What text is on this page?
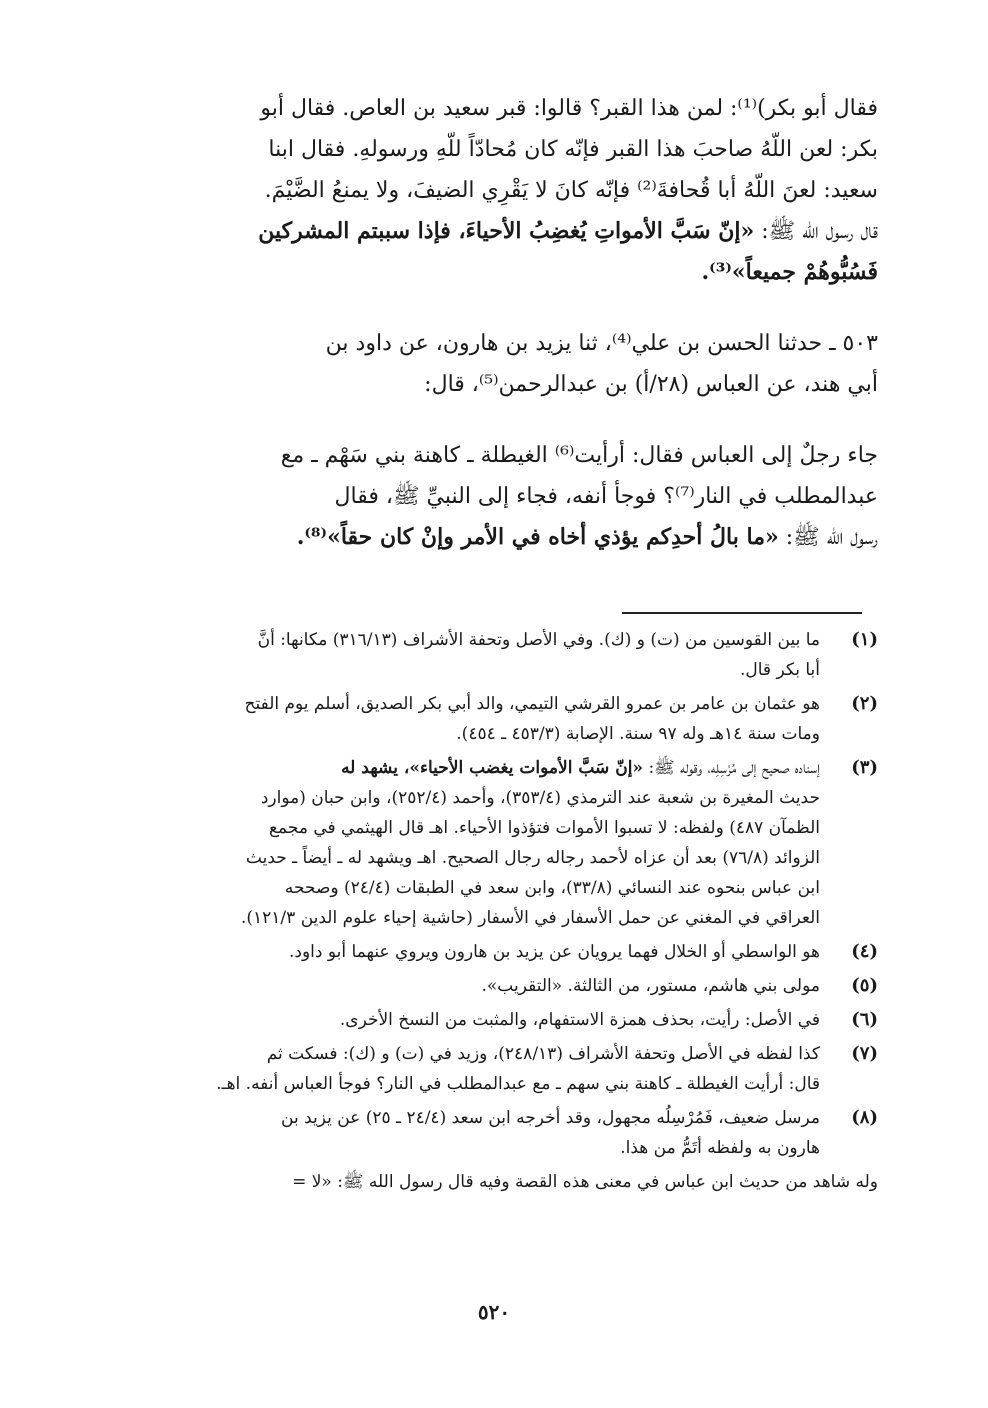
فقال أبو بكر)⁽¹⁾: لمن هذا القبر؟ قالوا: قبر سعيد بن العاص. فقال أبو
بكر: لعن اللّهُ صاحبَ هذا القبر فإنّه كان مُحادّاً للّهِ ورسولهِ. فقال ابنا
سعيد: لعنَ اللّهُ أبا قُحافةَ⁽²⁾ فإنّه كانَ لا يَقْرِي الضيفَ، ولا يمنعُ الضَّيْمَ.
قال رسول الله ﷺ: «إنّ سَبَّ الأمواتِ يُغضِبُ الأحياءَ، فإذا سببتم المشركين
فَسُبُّوهُمْ جميعاً»⁽³⁾.
٥٠٣ ـ حدثنا الحسن بن علي⁽⁴⁾، ثنا يزيد بن هارون، عن داود بن
أبي هند، عن العباس (٢٨/أ) بن عبدالرحمن⁽⁵⁾، قال:
جاء رجلٌ إلى العباس فقال: أرأيت⁽⁶⁾ الغيطلة ـ كاهنة بني سَهْم ـ مع
عبدالمطلب في النار⁽⁷⁾؟ فوجأ أنفه، فجاء إلى النبيِّ ﷺ، فقال
رسول الله ﷺ: «ما بالُ أحدِكم يؤذي أخاه في الأمر وإنْ كان حقاً»⁽⁸⁾.
(١)
ما بين القوسين من (ت) و (ك). وفي الأصل وتحفة الأشراف (٣١٦/١٣) مكانها: أنَّ
أبا بكر قال.
(٢)
هو عثمان بن عامر بن عمرو القرشي التيمي، والد أبي بكر الصديق، أسلم يوم الفتح
ومات سنة ١٤هـ وله ٩٧ سنة. الإصابة (٤٥٣/٣ ـ ٤٥٤).
(٣)
إسناده صحيح إلى مُرْسِلِه، وقوله ﷺ: «إنّ سَبَّ الأموات يغضب الأحياء»، يشهد له
حديث المغيرة بن شعبة عند الترمذي (٣٥٣/٤)، وأحمد (٢٥٢/٤)، وابن حبان (موارد
الظمآن ٤٨٧) ولفظه: لا تسبوا الأموات فتؤذوا الأحياء. اهـ قال الهيثمي في مجمع
الزوائد (٧٦/٨) بعد أن عزاه لأحمد رجاله رجال الصحيح. اهـ ويشهد له ـ أيضاً ـ حديث
ابن عباس بنحوه عند النسائي (٣٣/٨)، وابن سعد في الطبقات (٢٤/٤) وصححه
العراقي في المغني عن حمل الأسفار في الأسفار (حاشية إحياء علوم الدين ١٢١/٣).
(٤)
هو الواسطي أو الخلال فهما يرويان عن يزيد بن هارون ويروي عنهما أبو داود.
(٥)
مولى بني هاشم، مستور، من الثالثة. «التقريب».
(٦)
في الأصل: رأيت، بحذف همزة الاستفهام، والمثبت من النسخ الأخرى.
(٧)
كذا لفظه في الأصل وتحفة الأشراف (٢٤٨/١٣)، وزيد في (ت) و (ك): فسكت ثم
قال: أرأيت الغيطلة ـ كاهنة بني سهم ـ مع عبدالمطلب في النار؟ فوجأ العباس أنفه. اهـ.
(٨)
مرسل ضعيف، فَمُرْسِلُه مجهول، وقد أخرجه ابن سعد (٢٤/٤ ـ ٢٥) عن يزيد بن
هارون به ولفظه أتَمُّ من هذا.
وله شاهد من حديث ابن عباس في معنى هذه القصة وفيه قال رسول الله ﷺ: «لا =
٥٢٠
